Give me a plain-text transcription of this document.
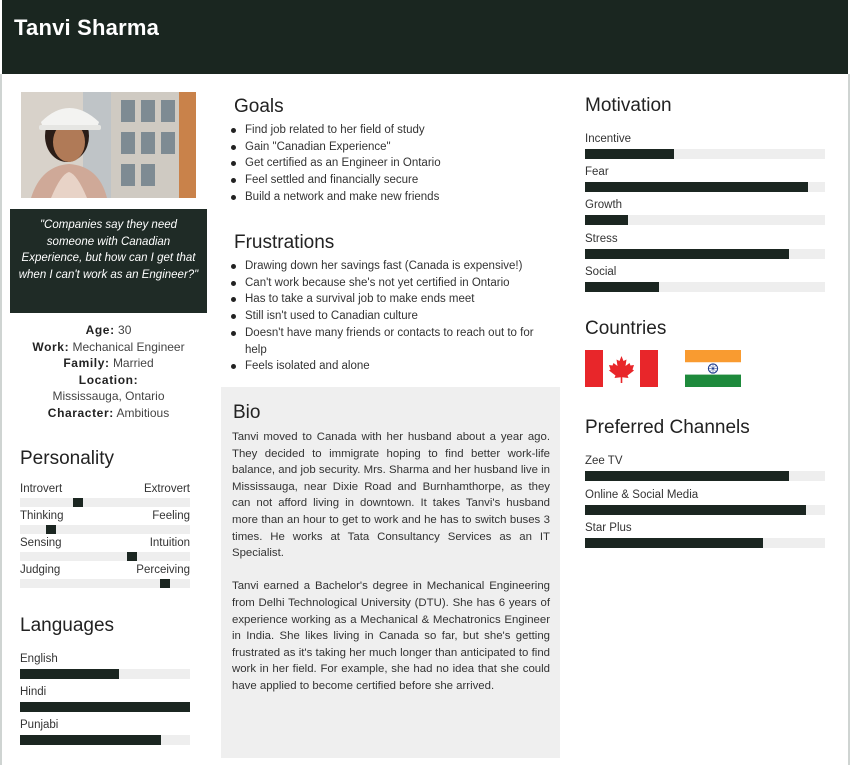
Tanvi Sharma
"Companies say they need someone with Canadian Experience, but how can I get that when I can't work as an Engineer?"
Age: 30
Work: Mechanical Engineer
Family: Married
Location: Mississauga, Ontario
Character: Ambitious
Personality
Introvert	Extrovert
Thinking	Feeling
Sensing	Intuition
Judging	Perceiving
Languages
English
Hindi
Punjabi
Goals
Find job related to her field of study
Gain "Canadian Experience"
Get certified as an Engineer in Ontario
Feel settled and financially secure
Build a network and make new friends
Frustrations
Drawing down her savings fast (Canada is expensive!)
Can't work because she's not yet certified in Ontario
Has to take a survival job to make ends meet
Still isn't used to Canadian culture
Doesn't have many friends or contacts to reach out to for help
Feels isolated and alone
Bio

Tanvi moved to Canada with her husband about a year ago. They decided to immigrate hoping to find better work-life balance, and job security. Mrs. Sharma and her husband live in Mississauga, near Dixie Road and Burnhamthorpe, as they can not afford living in downtown. It takes Tanvi's husband more than an hour to get to work and he has to switch buses 3 times. He works at Tata Consultancy Services as an IT Specialist.

Tanvi earned a Bachelor's degree in Mechanical Engineering from Delhi Technological University (DTU). She has 6 years of experience working as a Mechanical & Mechatronics Engineer in India. She likes living in Canada so far, but she's getting frustrated as it's taking her much longer than anticipated to find work in her field. For example, she had no idea that she could have applied to become certified before she arrived.

Motivation
Incentive
Fear
Growth
Stress
Social
Countries
Preferred Channels
Zee TV
Online & Social Media
Star Plus
